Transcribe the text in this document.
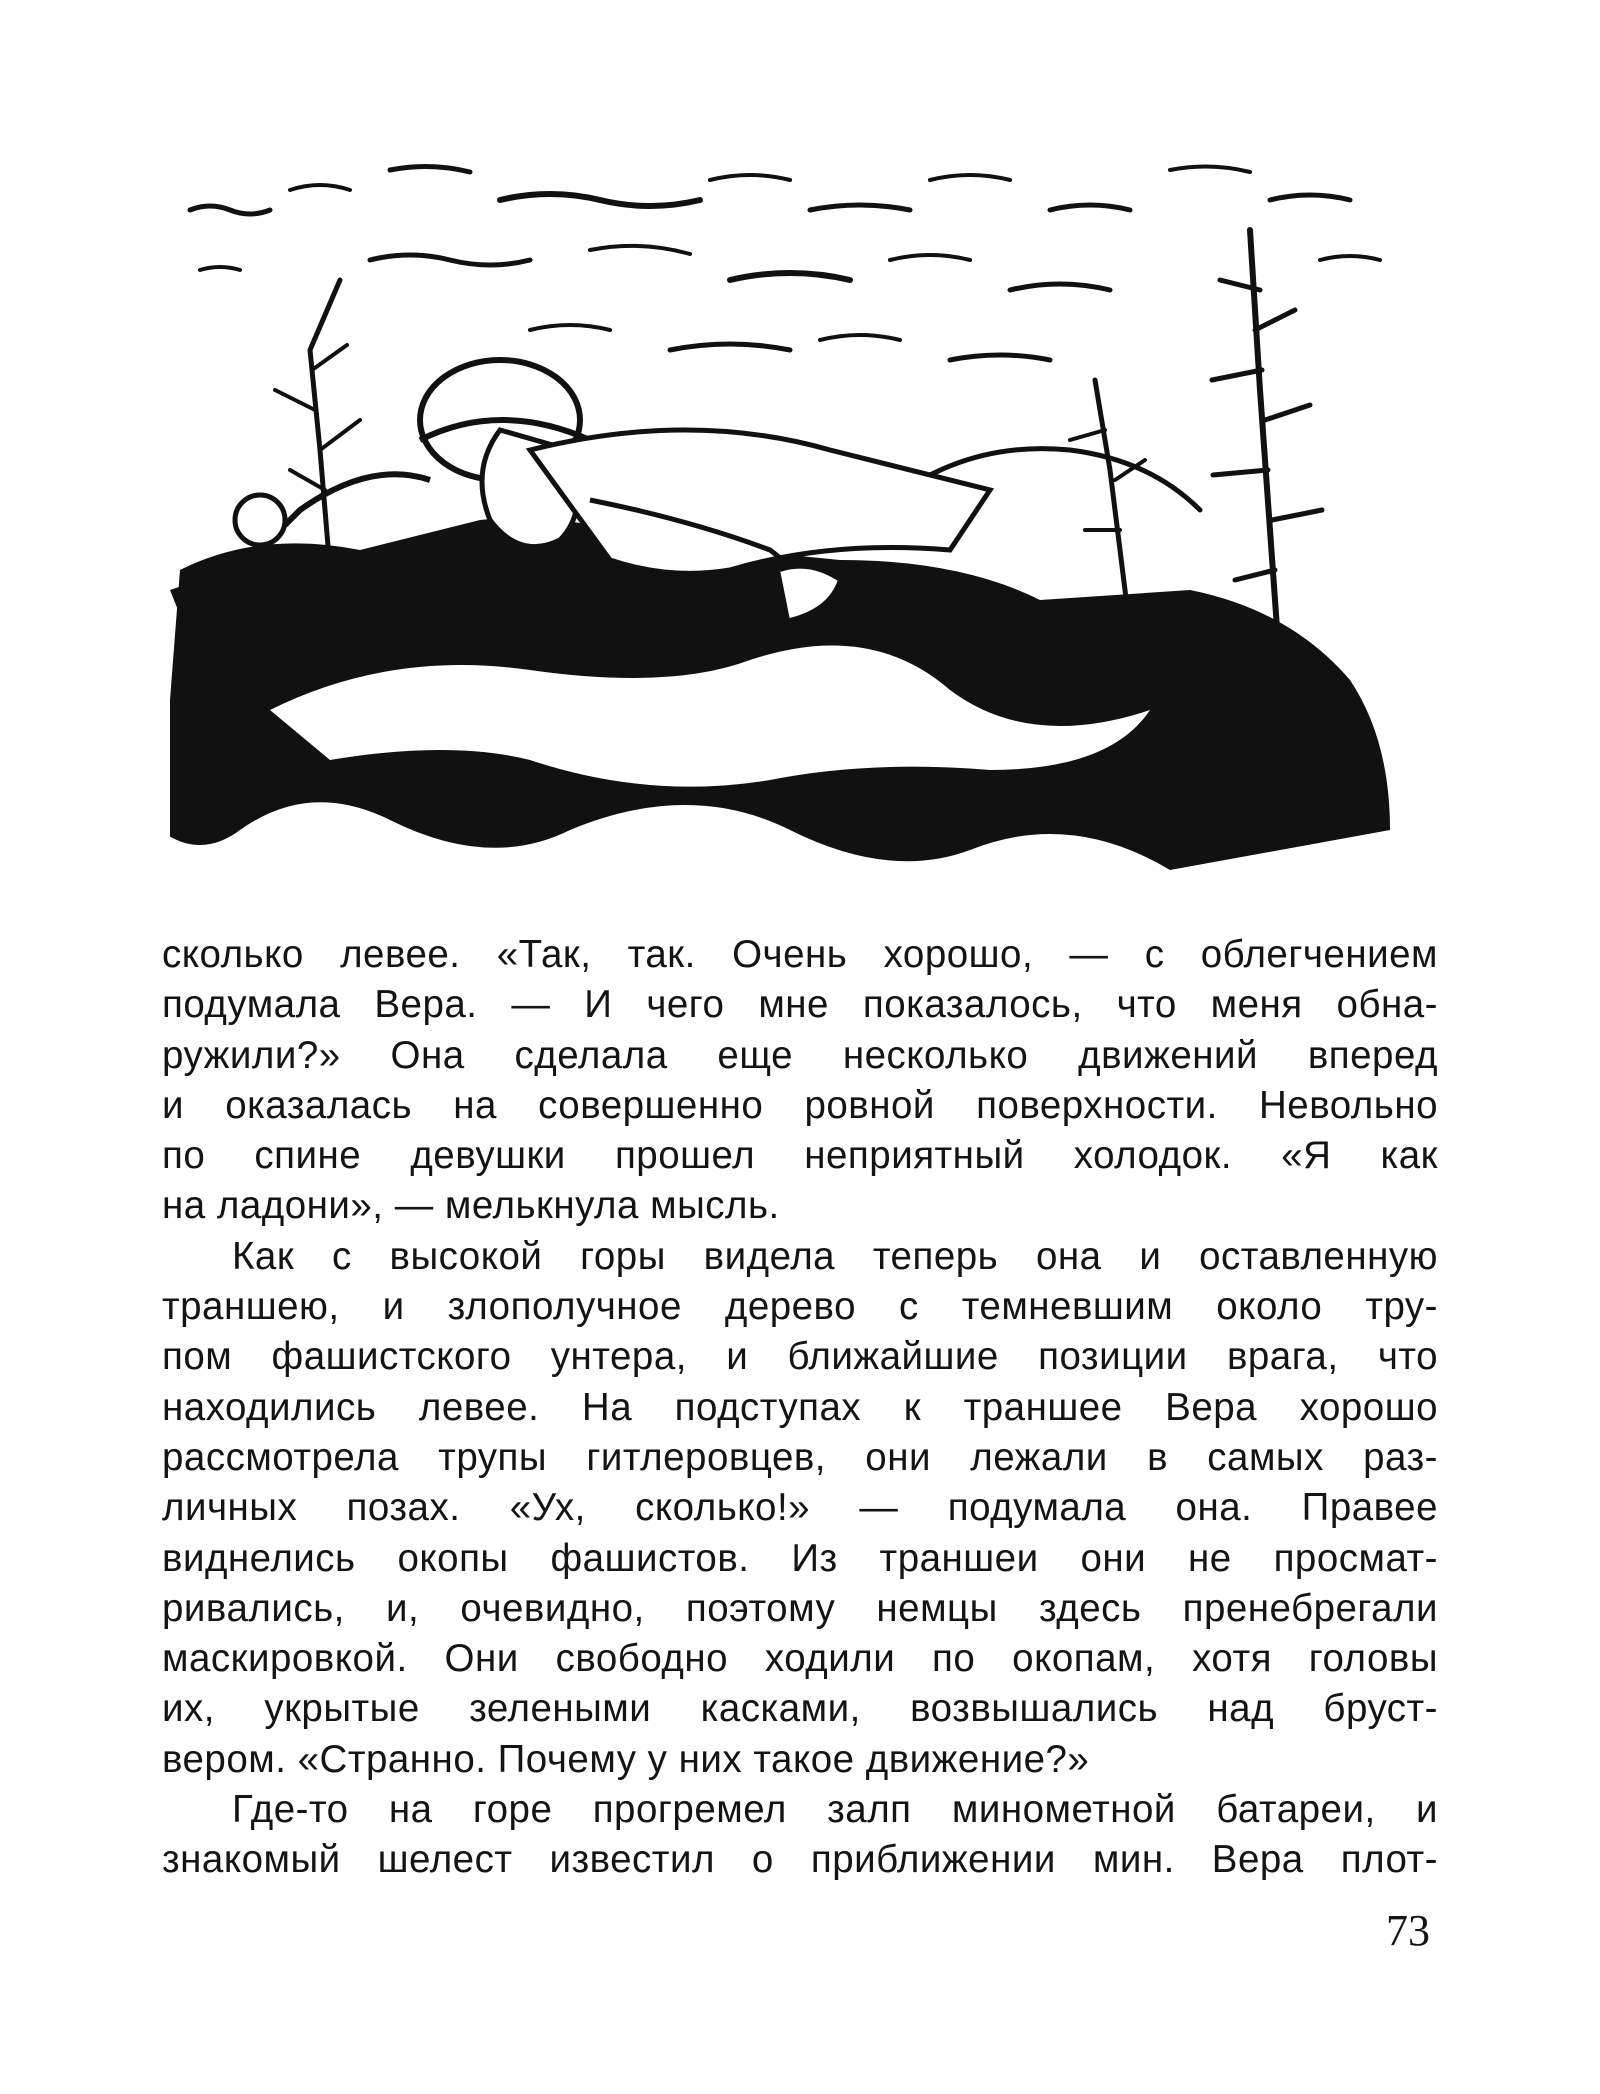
сколько левее. «Так, так. Очень хорошо, — с облегчением
подумала Вера. — И чего мне показалось, что меня обна-
ружили?» Она сделала еще несколько движений вперед
и оказалась на совершенно ровной поверхности. Невольно
по спине девушки прошел неприятный холодок. «Я как
на ладони», — мелькнула мысль.
Как с высокой горы видела теперь она и оставленную
траншею, и злополучное дерево с темневшим около тру-
пом фашистского унтера, и ближайшие позиции врага, что
находились левее. На подступах к траншее Вера хорошо
рассмотрела трупы гитлеровцев, они лежали в самых раз-
личных позах. «Ух, сколько!» — подумала она. Правее
виднелись окопы фашистов. Из траншеи они не просмат-
ривались, и, очевидно, поэтому немцы здесь пренебрегали
маскировкой. Они свободно ходили по окопам, хотя головы
их, укрытые зелеными касками, возвышались над бруст-
вером. «Странно. Почему у них такое движение?»
Где-то на горе прогремел залп минометной батареи, и
знакомый шелест известил о приближении мин. Вера плот-
73
